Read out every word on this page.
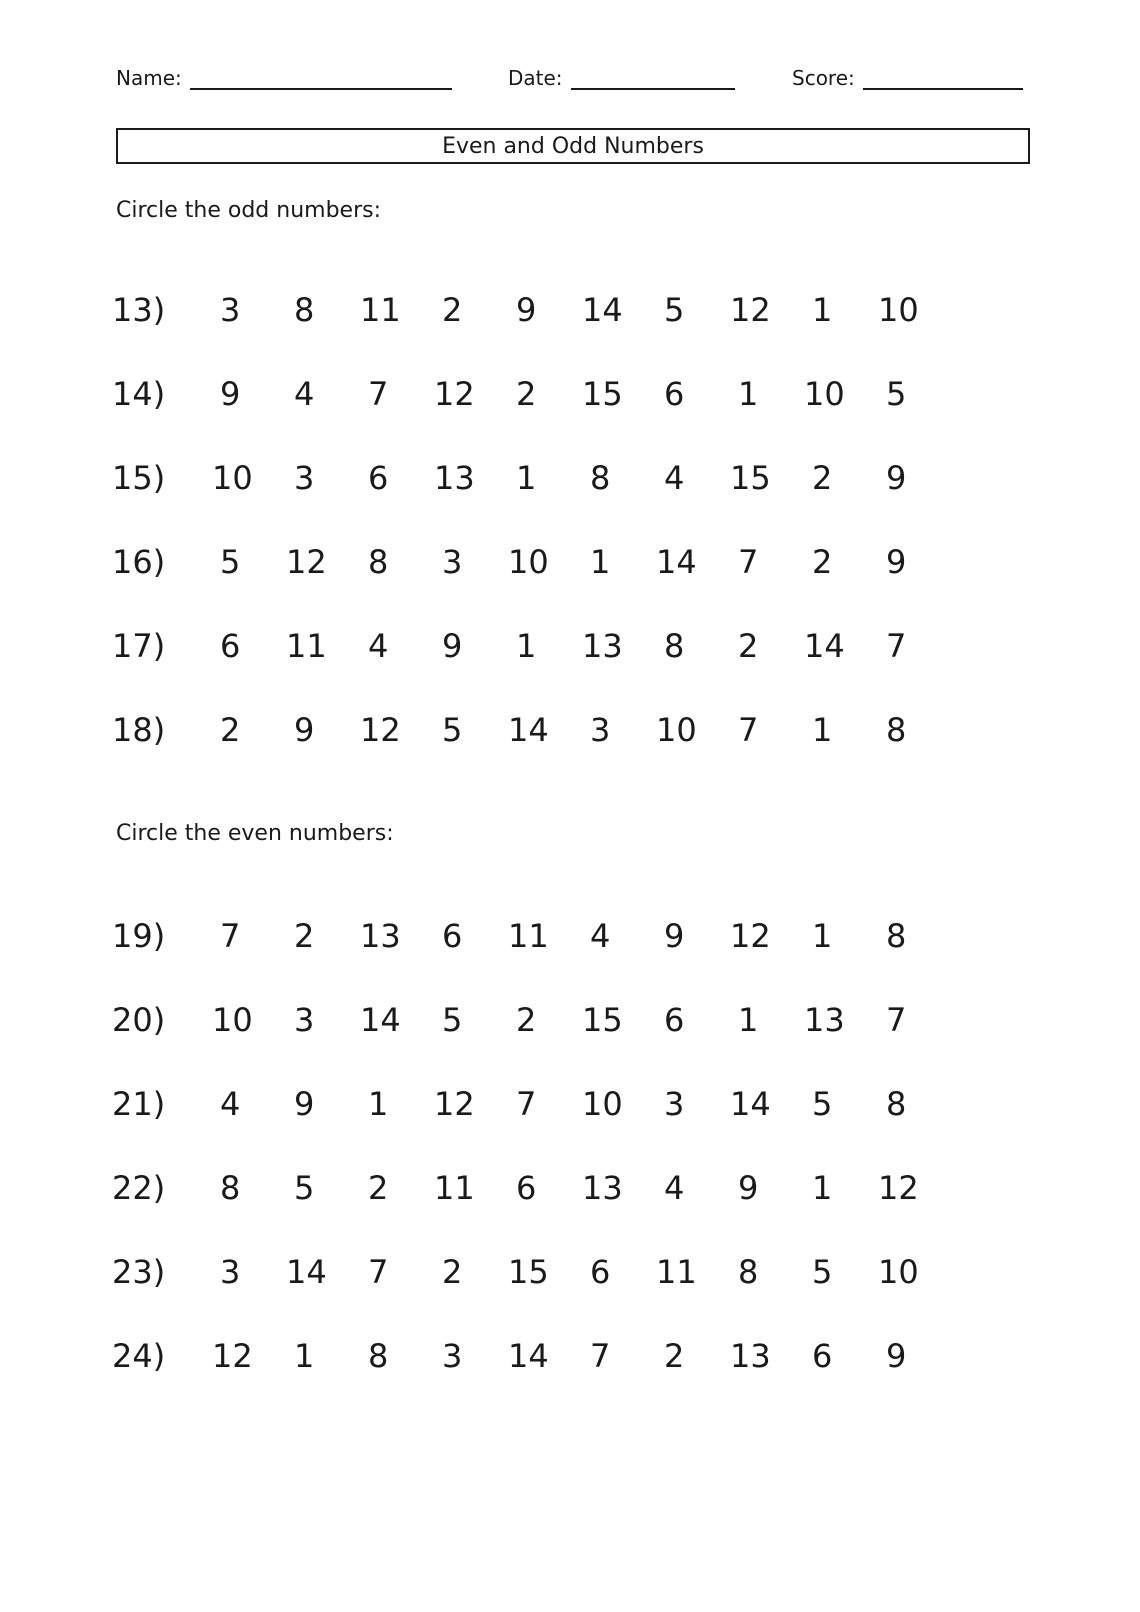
Name:	Date:	Score:
Even and Odd Numbers
Circle the odd numbers:
13) 3 8 11 2 9 14 5 12 1 10
14) 9 4 7 12 2 15 6 1 10 5
15) 10 3 6 13 1 8 4 15 2 9
16) 5 12 8 3 10 1 14 7 2 9
17) 6 11 4 9 1 13 8 2 14 7
18) 2 9 12 5 14 3 10 7 1 8
Circle the even numbers:
19) 7 2 13 6 11 4 9 12 1 8
20) 10 3 14 5 2 15 6 1 13 7
21) 4 9 1 12 7 10 3 14 5 8
22) 8 5 2 11 6 13 4 9 1 12
23) 3 14 7 2 15 6 11 8 5 10
24) 12 1 8 3 14 7 2 13 6 9
